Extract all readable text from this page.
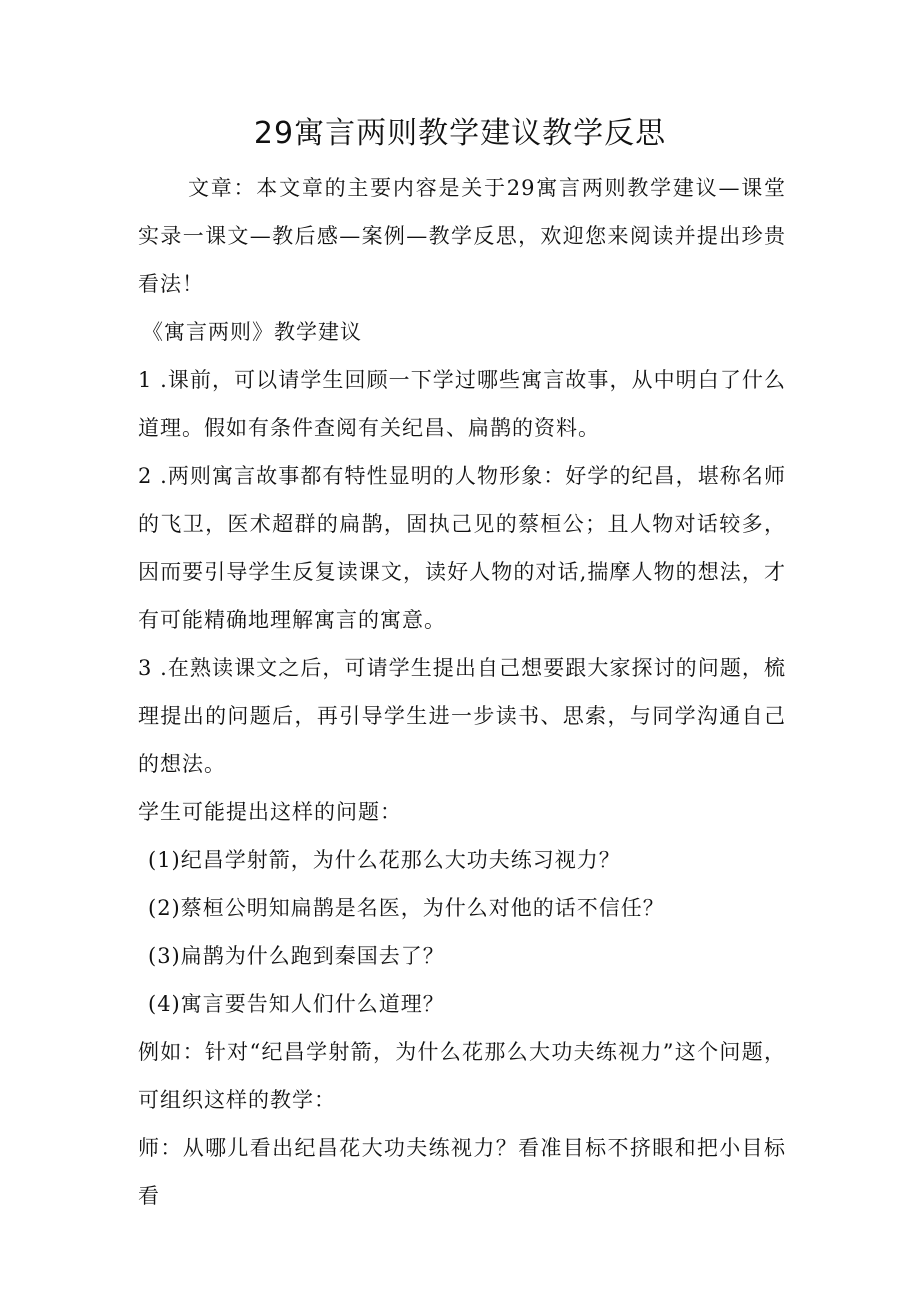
29寓言两则教学建议教学反思

文章：本文章的主要内容是关于29寓言两则教学建议—课堂实录一课文—教后感—案例—教学反思，欢迎您来阅读并提出珍贵看法！

《寓言两则》教学建议

1 .课前，可以请学生回顾一下学过哪些寓言故事，从中明白了什么道理。假如有条件查阅有关纪昌、扁鹊的资料。

2 .两则寓言故事都有特性显明的人物形象：好学的纪昌，堪称名师的飞卫，医术超群的扁鹊，固执己见的蔡桓公；且人物对话较多，因而要引导学生反复读课文，读好人物的对话,揣摩人物的想法，才有可能精确地理解寓言的寓意。

3 .在熟读课文之后，可请学生提出自己想要跟大家探讨的问题，梳理提出的问题后，再引导学生进一步读书、思索，与同学沟通自己的想法。

学生可能提出这样的问题：

(1)纪昌学射箭，为什么花那么大功夫练习视力？

(2)蔡桓公明知扁鹊是名医，为什么对他的话不信任？

(3)扁鹊为什么跑到秦国去了？

(4)寓言要告知人们什么道理？

例如：针对“纪昌学射箭，为什么花那么大功夫练视力”这个问题，可组织这样的教学：

师：从哪儿看出纪昌花大功夫练视力？看准目标不挤眼和把小目标看
